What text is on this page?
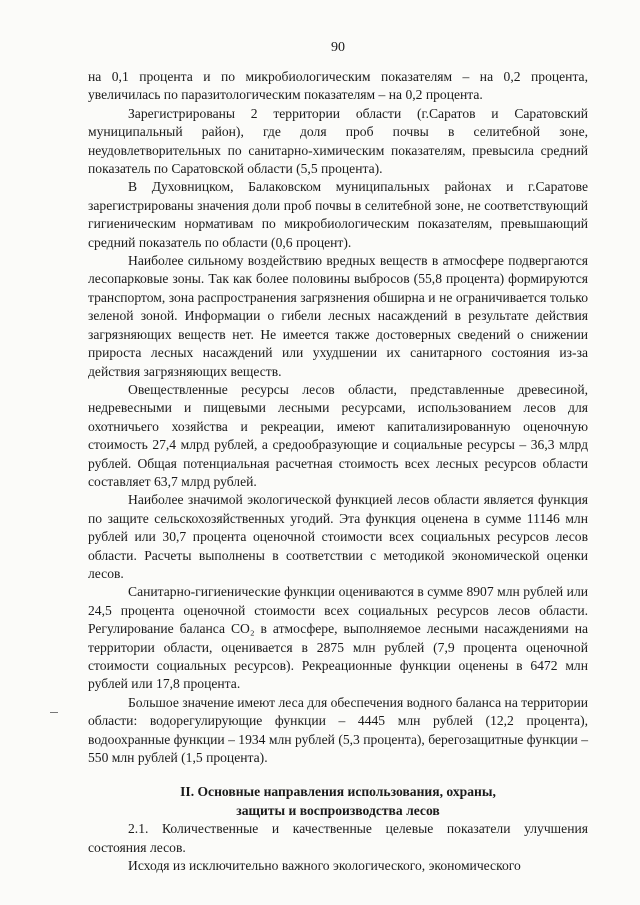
90

на 0,1 процента и по микробиологическим показателям – на 0,2 процента, увеличилась по паразитологическим показателям – на 0,2 процента.

Зарегистрированы 2 территории области (г.Саратов и Саратовский муниципальный район), где доля проб почвы в селитебной зоне, неудовлетворительных по санитарно-химическим показателям, превысила средний показатель по Саратовской области (5,5 процента).

В Духовницком, Балаковском муниципальных районах и г.Саратове зарегистрированы значения доли проб почвы в селитебной зоне, не соответствующий гигиеническим нормативам по микробиологическим показателям, превышающий средний показатель по области (0,6 процент).

Наиболее сильному воздействию вредных веществ в атмосфере подвергаются лесопарковые зоны. Так как более половины выбросов (55,8 процента) формируются транспортом, зона распространения загрязнения обширна и не ограничивается только зеленой зоной. Информации о гибели лесных насаждений в результате действия загрязняющих веществ нет. Не имеется также достоверных сведений о снижении прироста лесных насаждений или ухудшении их санитарного состояния из-за действия загрязняющих веществ.

Овеществленные ресурсы лесов области, представленные древесиной, недревесными и пищевыми лесными ресурсами, использованием лесов для охотничьего хозяйства и рекреации, имеют капитализированную оценочную стоимость 27,4 млрд рублей, а средообразующие и социальные ресурсы – 36,3 млрд рублей. Общая потенциальная расчетная стоимость всех лесных ресурсов области составляет 63,7 млрд рублей.

Наиболее значимой экологической функцией лесов области является функция по защите сельскохозяйственных угодий. Эта функция оценена в сумме 11146 млн рублей или 30,7 процента оценочной стоимости всех социальных ресурсов лесов области. Расчеты выполнены в соответствии с методикой экономической оценки лесов.

Санитарно-гигиенические функции оцениваются в сумме 8907 млн рублей или 24,5 процента оценочной стоимости всех социальных ресурсов лесов области. Регулирование баланса CO₂ в атмосфере, выполняемое лесными насаждениями на территории области, оценивается в 2875 млн рублей (7,9 процента оценочной стоимости социальных ресурсов). Рекреационные функции оценены в 6472 млн рублей или 17,8 процента.

Большое значение имеют леса для обеспечения водного баланса на территории области: водорегулирующие функции – 4445 млн рублей (12,2 процента), водоохранные функции – 1934 млн рублей (5,3 процента), берегозащитные функции – 550 млн рублей (1,5 процента).

II. Основные направления использования, охраны,
защиты и воспроизводства лесов

2.1. Количественные и качественные целевые показатели улучшения состояния лесов.

Исходя из исключительно важного экологического, экономического
